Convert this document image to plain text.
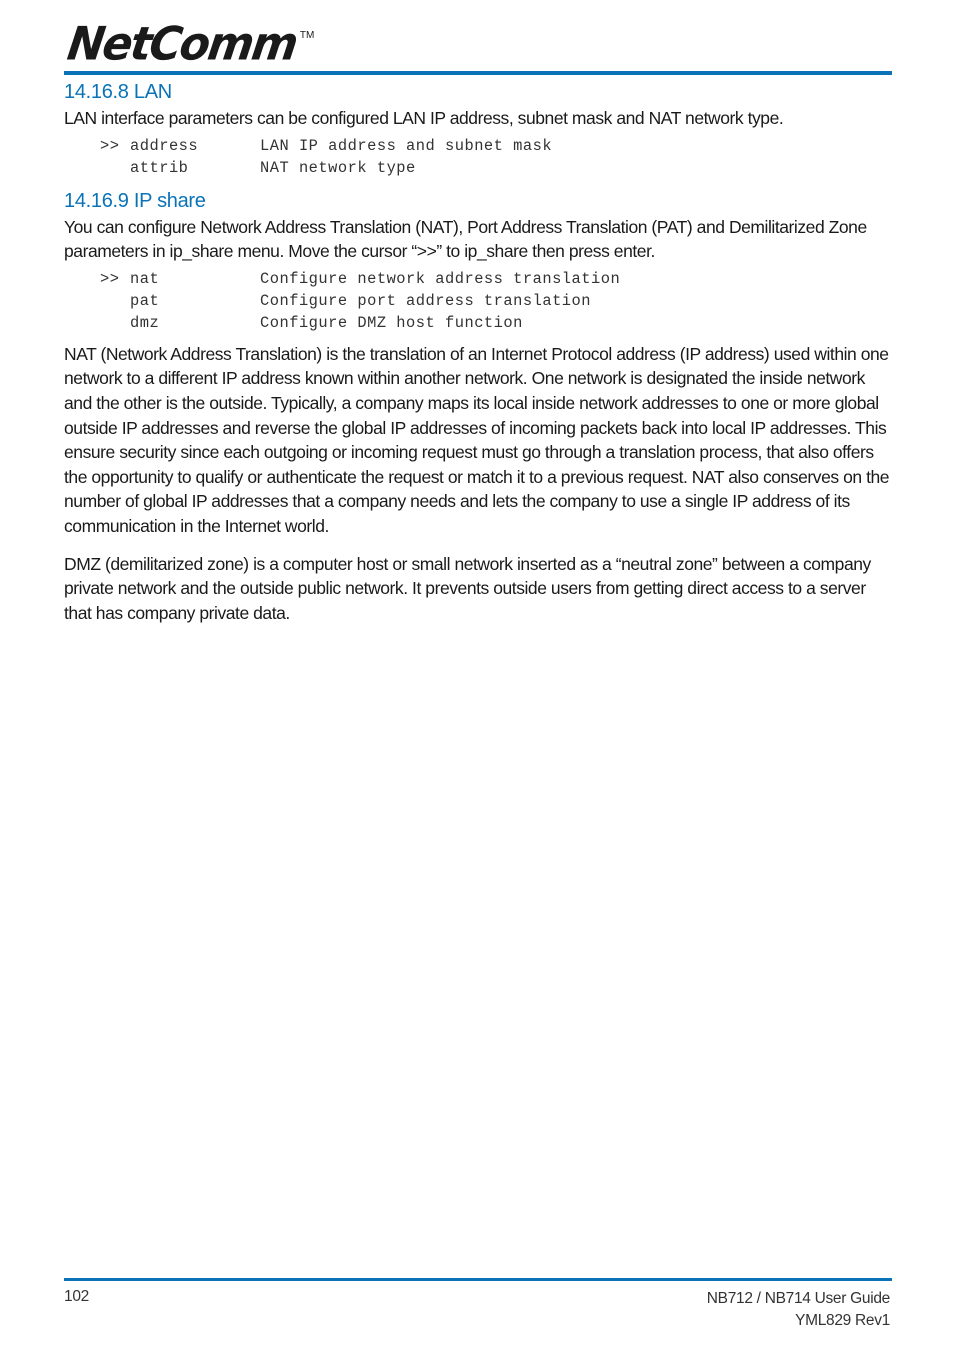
NetComm TM
14.16.8 LAN

LAN interface parameters can be configured LAN IP address, subnet mask and NAT network type.

>> address	LAN IP address and subnet mask
attrib	NAT network type
14.16.9 IP share

You can configure Network Address Translation (NAT), Port Address Translation (PAT) and Demilitarized Zone parameters in ip_share menu. Move the cursor “>>” to ip_share then press enter.

>> nat	Configure network address translation
pat	Configure port address translation
dmz	Configure DMZ host function

NAT (Network Address Translation) is the translation of an Internet Protocol address (IP address) used within one network to a different IP address known within another network. One network is designated the inside network and the other is the outside. Typically, a company maps its local inside network addresses to one or more global outside IP addresses and reverse the global IP addresses of incoming packets back into local IP addresses. This ensure security since each outgoing or incoming request must go through a translation process, that also offers the opportunity to qualify or authenticate the request or match it to a previous request. NAT also conserves on the number of global IP addresses that a company needs and lets the company to use a single IP address of its communication in the Internet world.

DMZ (demilitarized zone) is a computer host or small network inserted as a “neutral zone” between a company private network and the outside public network. It prevents outside users from getting direct access to a server that has company private data.

102	NB712 / NB714 User Guide
YML829 Rev1
